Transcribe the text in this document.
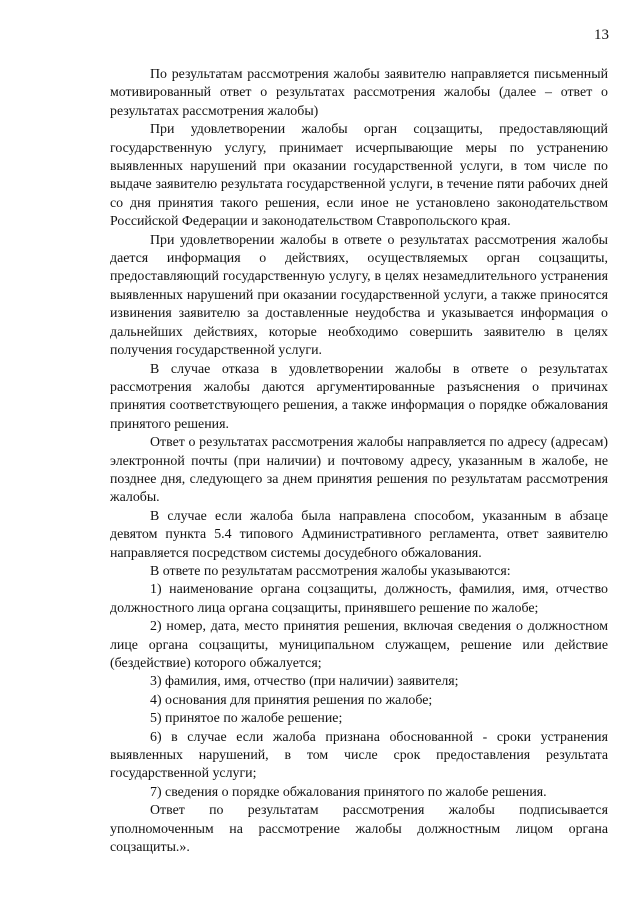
13

По результатам рассмотрения жалобы заявителю направляется письменный мотивированный ответ о результатах рассмотрения жалобы (далее – ответ о результатах рассмотрения жалобы)

При удовлетворении жалобы орган соцзащиты, предоставляющий государственную услугу, принимает исчерпывающие меры по устранению выявленных нарушений при оказании государственной услуги, в том числе по выдаче заявителю результата государственной услуги, в течение пяти рабочих дней со дня принятия такого решения, если иное не установлено законодательством Российской Федерации и законодательством Ставропольского края.

При удовлетворении жалобы в ответе о результатах рассмотрения жалобы дается информация о действиях, осуществляемых орган соцзащиты, предоставляющий государственную услугу, в целях незамедлительного устранения выявленных нарушений при оказании государственной услуги, а также приносятся извинения заявителю за доставленные неудобства и указывается информация о дальнейших действиях, которые необходимо совершить заявителю в целях получения государственной услуги.

В случае отказа в удовлетворении жалобы в ответе о результатах рассмотрения жалобы даются аргументированные разъяснения о причинах принятия соответствующего решения, а также информация о порядке обжалования принятого решения.

Ответ о результатах рассмотрения жалобы направляется по адресу (адресам) электронной почты (при наличии) и почтовому адресу, указанным в жалобе, не позднее дня, следующего за днем принятия решения по результатам рассмотрения жалобы.

В случае если жалоба была направлена способом, указанным в абзаце девятом пункта 5.4 типового Административного регламента, ответ заявителю направляется посредством системы досудебного обжалования.

В ответе по результатам рассмотрения жалобы указываются:

1) наименование органа соцзащиты, должность, фамилия, имя, отчество должностного лица органа соцзащиты, принявшего решение по жалобе;

2) номер, дата, место принятия решения, включая сведения о должностном лице органа соцзащиты, муниципальном служащем, решение или действие (бездействие) которого обжалуется;

3) фамилия, имя, отчество (при наличии) заявителя;

4) основания для принятия решения по жалобе;

5) принятое по жалобе решение;

6) в случае если жалоба признана обоснованной - сроки устранения выявленных нарушений, в том числе срок предоставления результата государственной услуги;

7) сведения о порядке обжалования принятого по жалобе решения.

Ответ по результатам рассмотрения жалобы подписывается уполномоченным на рассмотрение жалобы должностным лицом органа соцзащиты.».
